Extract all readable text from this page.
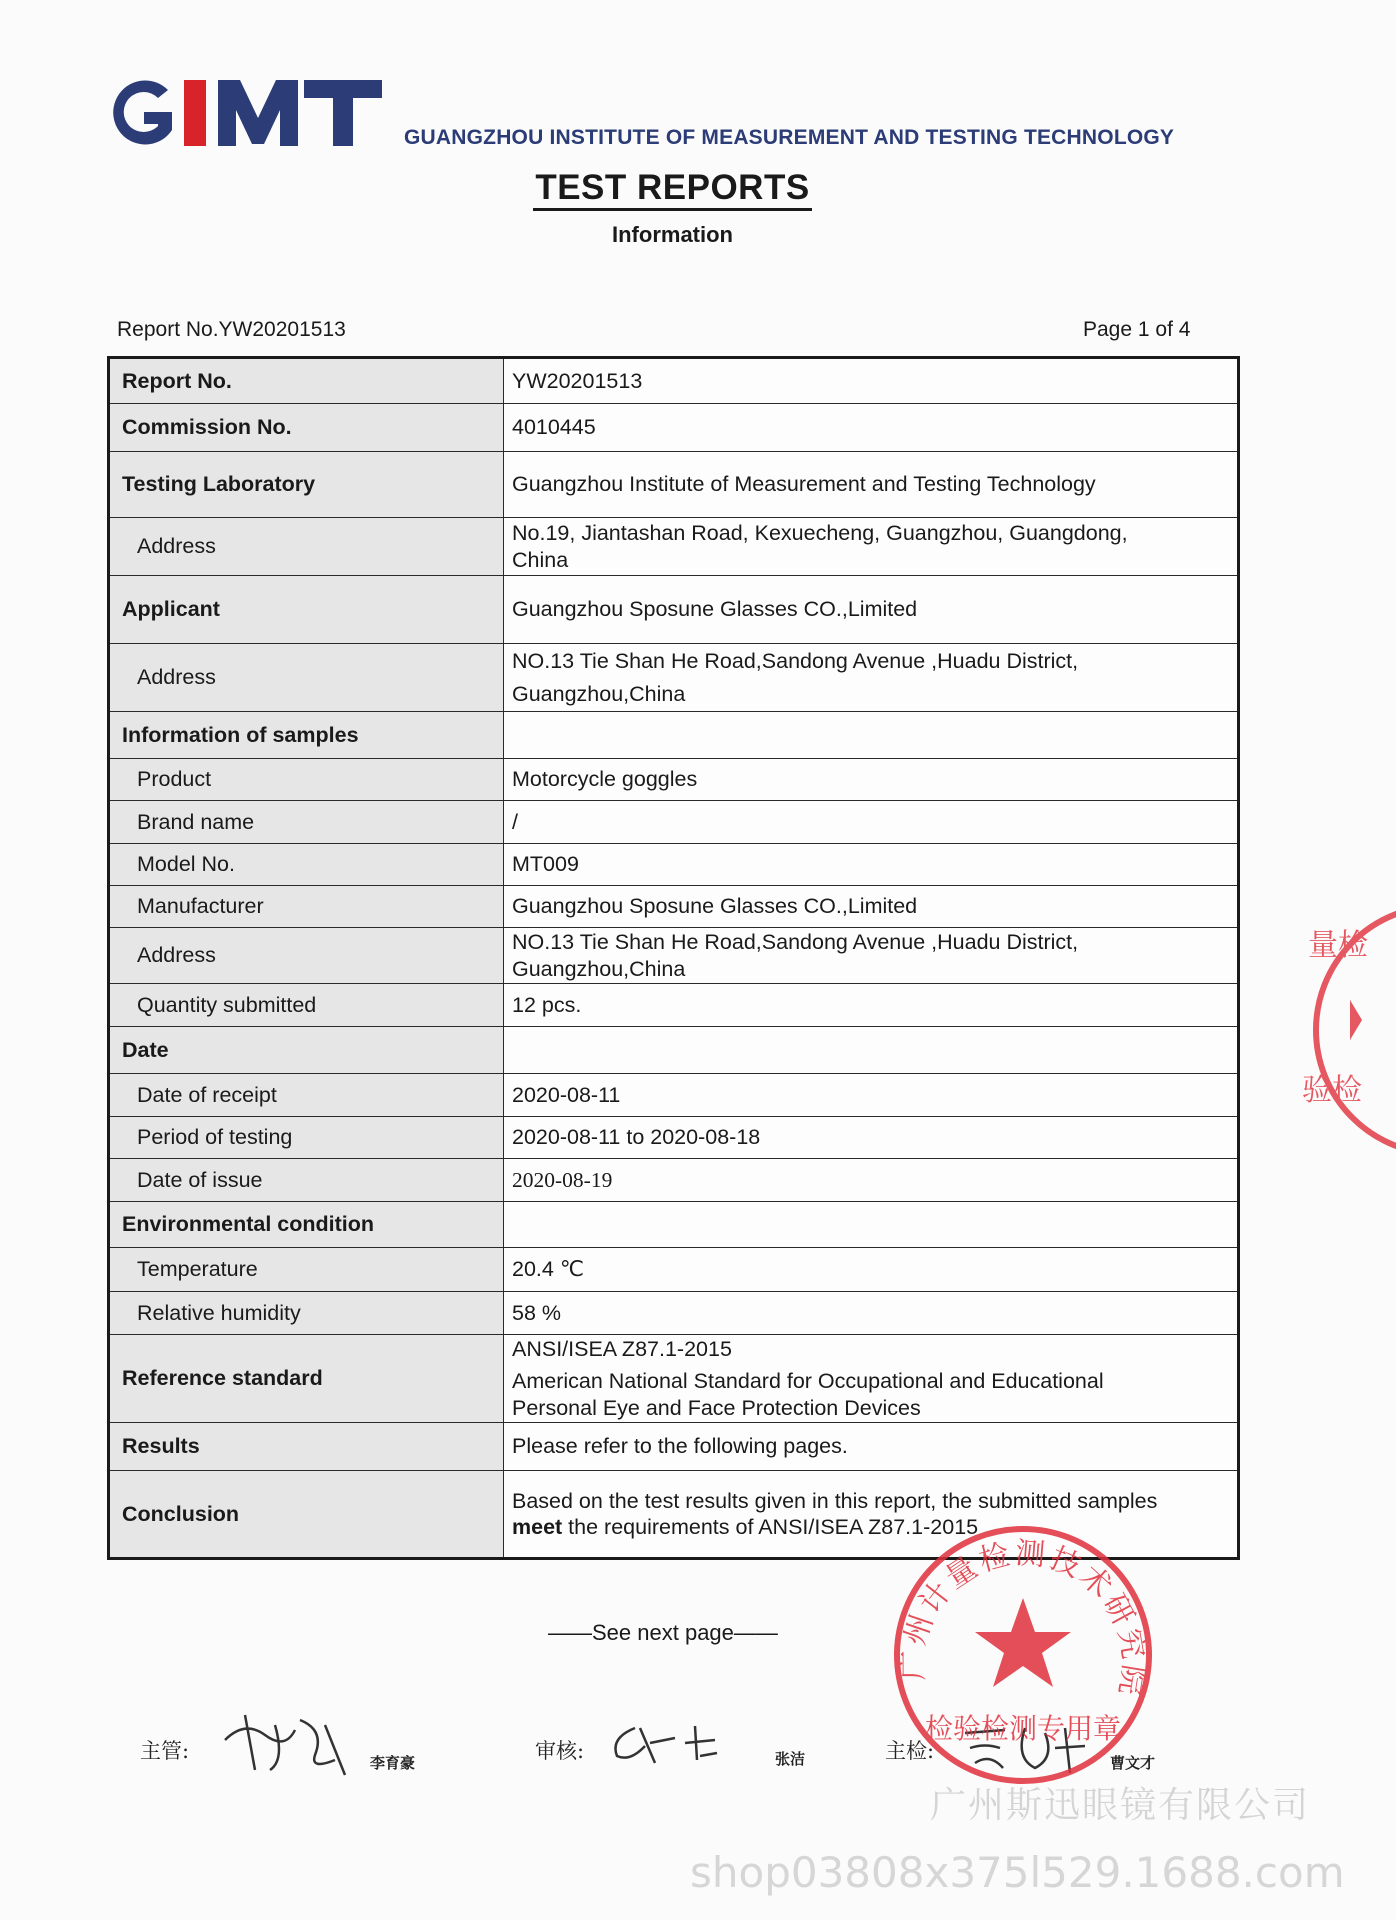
GIMT
GUANGZHOU INSTITUTE OF MEASUREMENT AND TESTING TECHNOLOGY
TEST REPORTS
Information
Report No.YW20201513	Page 1 of 4
Report No.	YW20201513
Commission No.	4010445
Testing Laboratory	Guangzhou Institute of Measurement and Testing Technology
Address	No.19, Jiantashan Road, Kexuecheng, Guangzhou, Guangdong,
China

Applicant	Guangzhou Sposune Glasses CO.,Limited
Address	NO.13 Tie Shan He Road,Sandong Avenue ,Huadu District,
Guangzhou,China

Information of samples	
Product	Motorcycle goggles
Brand name	/
Model No.	MT009
Manufacturer	Guangzhou Sposune Glasses CO.,Limited
Address	NO.13 Tie Shan He Road,Sandong Avenue ,Huadu District,
Guangzhou,China

Quantity submitted	12 pcs.
Date	
Date of receipt	2020-08-11
Period of testing	2020-08-11 to 2020-08-18
Date of issue	2020-08-19
Environmental condition	
Temperature	20.4 ℃
Relative humidity	58 %
Reference standard	ANSI/ISEA Z87.1-2015
American National Standard for Occupational and Educational
Personal Eye and Face Protection Devices

Results	Please refer to the following pages.
Conclusion	Based on the test results given in this report, the submitted samples
meet the requirements of ANSI/ISEA Z87.1-2015
——See next page——
主管:	李育豪	审核:	张洁	主检:	曹文才
广州计量检测技术研究院
检验检测专用章
量检
验检
广州斯迅眼镜有限公司
shop03808x375l529.1688.com
